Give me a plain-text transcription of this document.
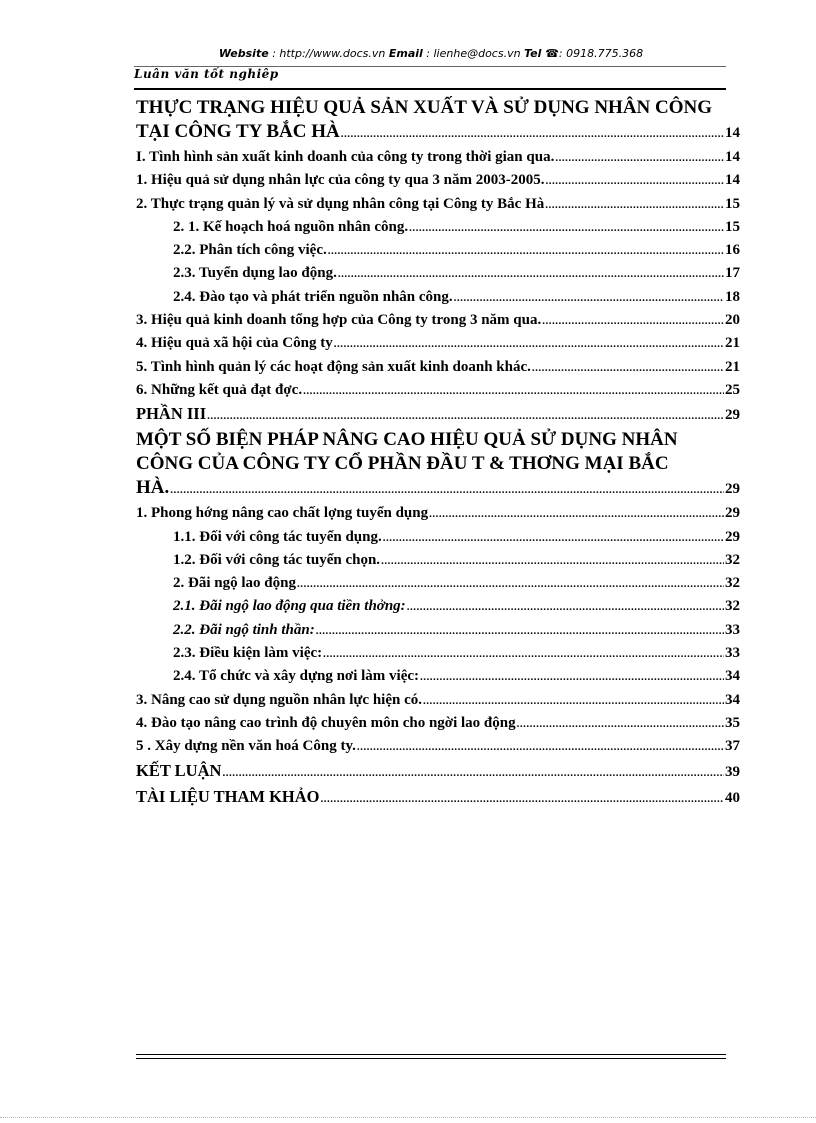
Website : http://www.docs.vn Email : lienhe@docs.vn Tel ☎: 0918.775.368
Luân văn tốt nghiêp
THỰC TRẠNG HIỆU QUẢ SẢN XUẤT VÀ SỬ DỤNG NHÂN CÔNG
TẠI CÔNG TY BẮC HÀ .....	14
I. Tình hình sản xuất kinh doanh của công ty trong thời gian qua. .....	14
1. Hiệu quả sử dụng nhân lực của công ty qua 3 năm 2003-2005. .....	14
2. Thực trạng quản lý và sử dụng nhân công tại Công ty Bắc Hà .....	15
2. 1. Kế hoạch hoá nguồn nhân công. .....	15
2.2. Phân tích công việc. .....	16
2.3. Tuyển dụng lao động. .....	17
2.4. Đào tạo và phát triển nguồn nhân công. .....	18
3. Hiệu quả kinh doanh tổng hợp của Công ty trong 3 năm qua. .....	20
4. Hiệu quả xã hội của Công ty .....	21
5. Tình hình quản lý các hoạt động sản xuất kinh doanh khác. .....	21
6. Những kết quả đạt đợc. .....	25
PHẦN III .....	29
MỘT SỐ BIỆN PHÁP NÂNG CAO HIỆU QUẢ SỬ DỤNG NHÂN
CÔNG CỦA CÔNG TY CỔ PHẦN ĐẦU T & THƠNG MẠI BẮC
HÀ. .....	29
1. Phong hớng nâng cao chất lợng tuyển dụng .....	29
1.1. Đối với công tác tuyển dụng. .....	29
1.2. Đối với công tác tuyển chọn. .....	32
2. Đãi ngộ lao động .....	32
2.1. Đãi ngộ lao động qua tiền thởng: .....	32
2.2. Đãi ngộ tinh thần: .....	33
2.3. Điều kiện làm việc: .....	33
2.4. Tổ chức và xây dựng nơi làm việc: .....	34
3. Nâng cao sử dụng nguồn nhân lực hiện có. .....	34
4. Đào tạo nâng cao trình độ chuyên môn cho ngời lao động .....	35
5 . Xây dựng nền văn hoá Công ty. .....	37
KẾT LUẬN .....	39
TÀI LIỆU THAM KHẢO .....	40
